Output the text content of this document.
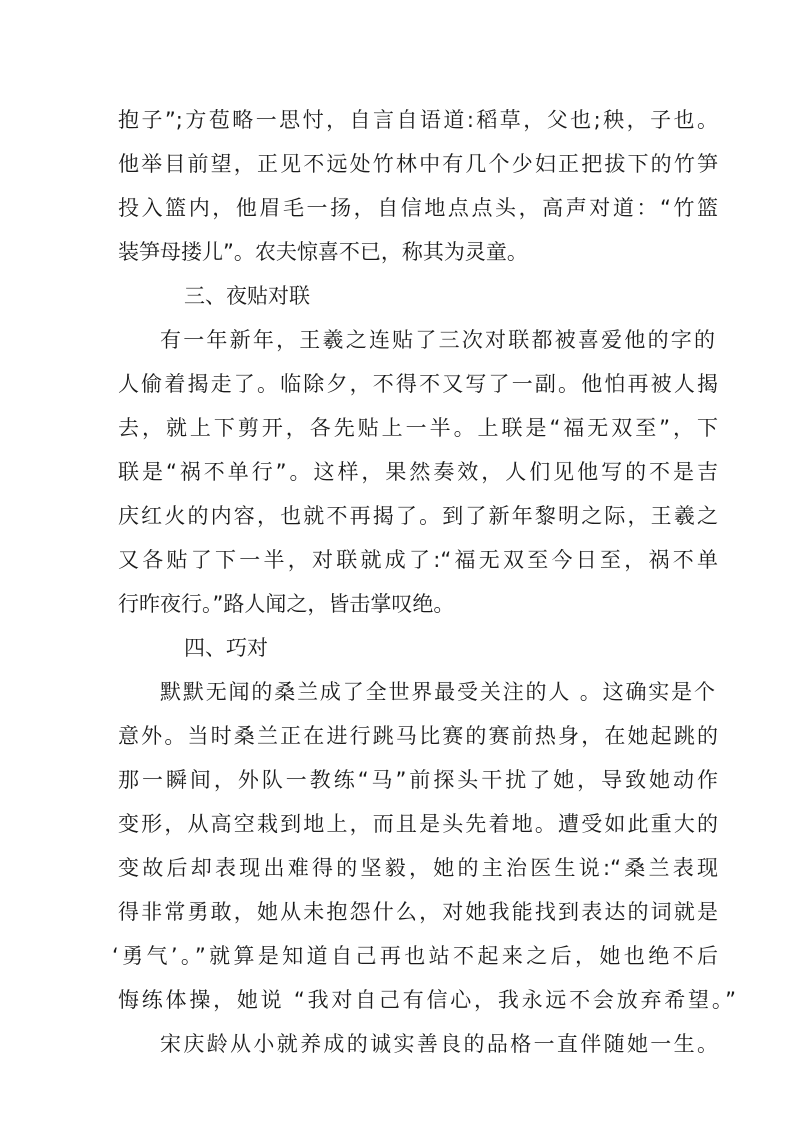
抱子”;方苞略一思忖，自言自语道:稻草，父也;秧，子也。
他举目前望，正见不远处竹林中有几个少妇正把拔下的竹笋
投入篮内，他眉毛一扬，自信地点点头，高声对道：“竹篮
装笋母搂儿”。农夫惊喜不已，称其为灵童。
三、夜贴对联
有一年新年，王羲之连贴了三次对联都被喜爱他的字的
人偷着揭走了。临除夕，不得不又写了一副。他怕再被人揭
去，就上下剪开，各先贴上一半。上联是“福无双至”，下
联是“祸不单行”。这样，果然奏效，人们见他写的不是吉
庆红火的内容，也就不再揭了。到了新年黎明之际，王羲之
又各贴了下一半，对联就成了:“福无双至今日至，祸不单
行昨夜行。”路人闻之，皆击掌叹绝。
四、巧对
默默无闻的桑兰成了全世界最受关注的人 。这确实是个
意外。当时桑兰正在进行跳马比赛的赛前热身，在她起跳的
那一瞬间，外队一教练“马”前探头干扰了她，导致她动作
变形，从高空栽到地上，而且是头先着地。遭受如此重大的
变故后却表现出难得的坚毅，她的主治医生说:“桑兰表现
得非常勇敢，她从未抱怨什么，对她我能找到表达的词就是
‘勇气’。”就算是知道自己再也站不起来之后，她也绝不后
悔练体操，她说 “我对自己有信心，我永远不会放弃希望。”
宋庆龄从小就养成的诚实善良的品格一直伴随她一生。
